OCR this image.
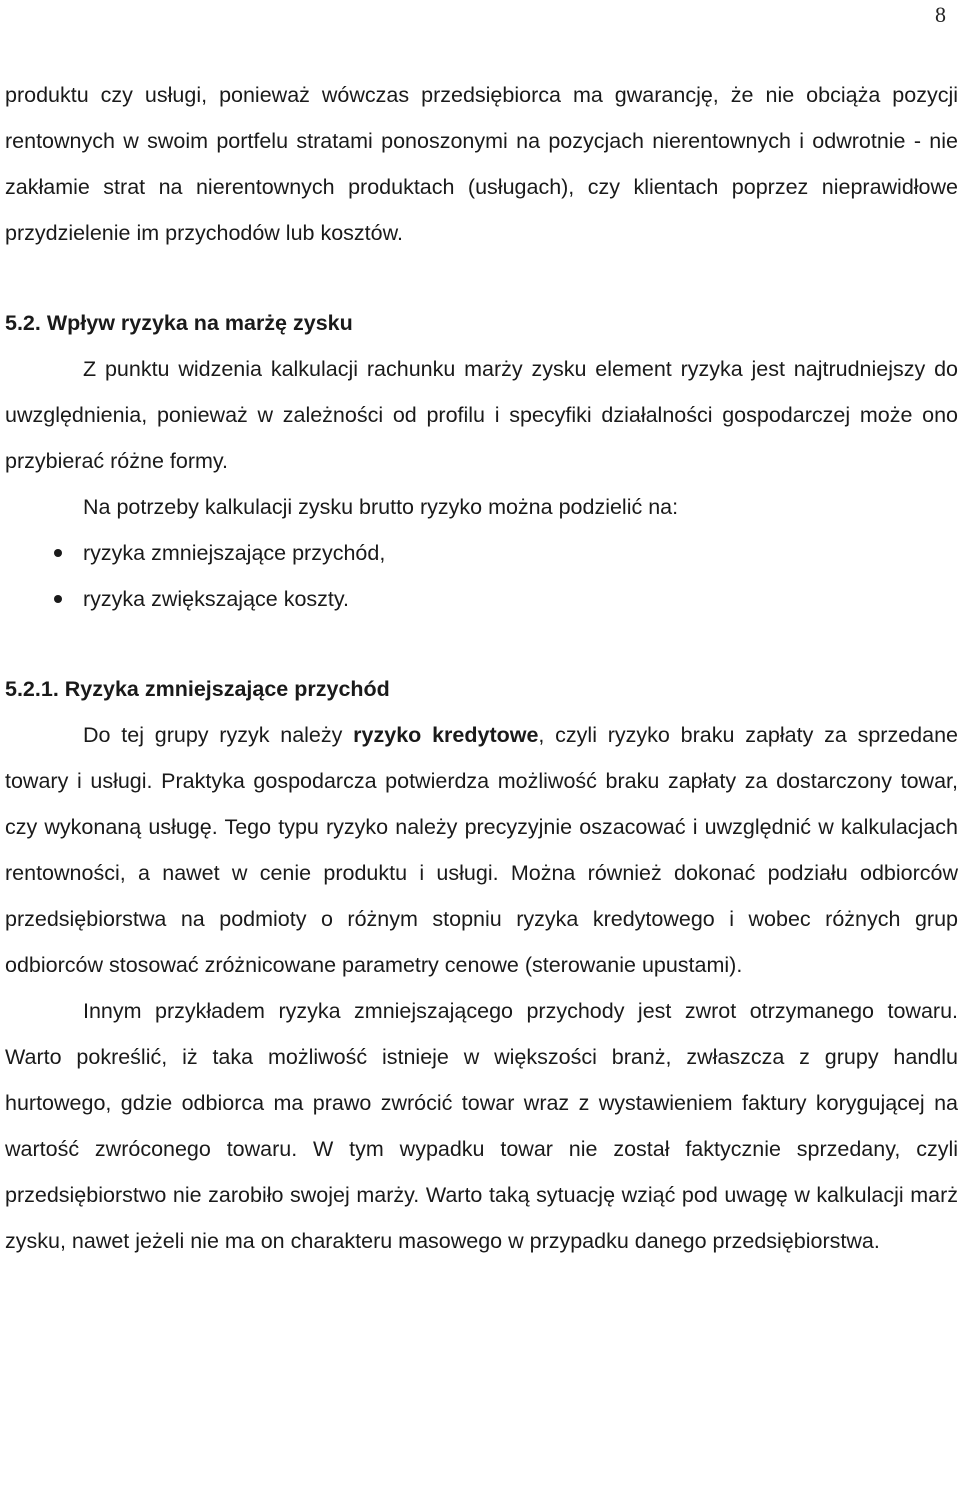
8

produktu czy usługi, ponieważ wówczas przedsiębiorca ma gwarancję, że nie obciąża pozycji rentownych w swoim portfelu stratami ponoszonymi na pozycjach nierentownych i odwrotnie - nie zakłamie strat na nierentownych produktach (usługach), czy klientach poprzez nieprawidłowe przydzielenie im przychodów lub kosztów.

5.2. Wpływ ryzyka na marżę zysku

Z punktu widzenia kalkulacji rachunku marży zysku element ryzyka jest najtrudniejszy do uwzględnienia, ponieważ w zależności od profilu i specyfiki działalności gospodarczej może ono przybierać różne formy.

Na potrzeby kalkulacji zysku brutto ryzyko można podzielić na:

ryzyka zmniejszające przychód,
ryzyka zwiększające koszty.

5.2.1. Ryzyka zmniejszające przychód

Do tej grupy ryzyk należy ryzyko kredytowe, czyli ryzyko braku zapłaty za sprzedane towary i usługi. Praktyka gospodarcza potwierdza możliwość braku zapłaty za dostarczony towar, czy wykonaną usługę. Tego typu ryzyko należy precyzyjnie oszacować i uwzględnić w kalkulacjach rentowności, a nawet w cenie produktu i usługi. Można również dokonać podziału odbiorców przedsiębiorstwa na podmioty o różnym stopniu ryzyka kredytowego i wobec różnych grup odbiorców stosować zróżnicowane parametry cenowe (sterowanie upustami).

Innym przykładem ryzyka zmniejszającego przychody jest zwrot otrzymanego towaru. Warto pokreślić, iż taka możliwość istnieje w większości branż, zwłaszcza z grupy handlu hurtowego, gdzie odbiorca ma prawo zwrócić towar wraz z wystawieniem faktury korygującej na wartość zwróconego towaru. W tym wypadku towar nie został faktycznie sprzedany, czyli przedsiębiorstwo nie zarobiło swojej marży. Warto taką sytuację wziąć pod uwagę w kalkulacji marż zysku, nawet jeżeli nie ma on charakteru masowego w przypadku danego przedsiębiorstwa.
